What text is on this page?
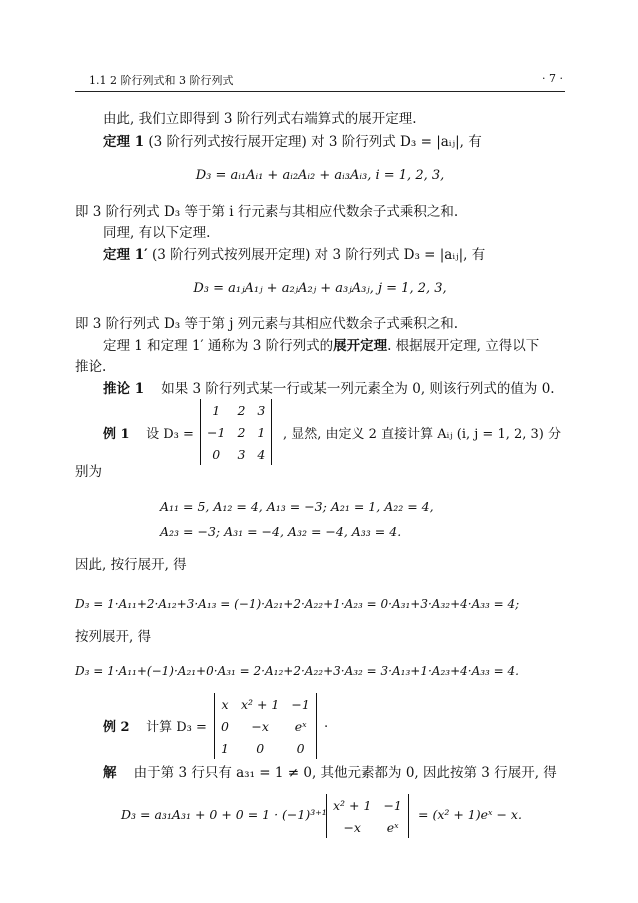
1.1 2 阶行列式和 3 阶行列式	· 7 ·
由此, 我们立即得到 3 阶行列式右端算式的展开定理.
定理 1 (3 阶行列式按行展开定理) 对 3 阶行列式 D₃ = |aᵢⱼ|, 有
D₃ = aᵢ₁Aᵢ₁ + aᵢ₂Aᵢ₂ + aᵢ₃Aᵢ₃, i = 1, 2, 3,
即 3 阶行列式 D₃ 等于第 i 行元素与其相应代数余子式乘积之和.
同理, 有以下定理.
定理 1′ (3 阶行列式按列展开定理) 对 3 阶行列式 D₃ = |aᵢⱼ|, 有
D₃ = a₁ⱼA₁ⱼ + a₂ⱼA₂ⱼ + a₃ⱼA₃ⱼ, j = 1, 2, 3,
即 3 阶行列式 D₃ 等于第 j 列元素与其相应代数余子式乘积之和.
定理 1 和定理 1′ 通称为 3 阶行列式的展开定理. 根据展开定理, 立得以下
推论.
推论 1 如果 3 阶行列式某一行或某一列元素全为 0, 则该行列式的值为 0.
例 1 设 D₃ =
1	2	3
−1	2	1
0	3	4
, 显然, 由定义 2 直接计算 Aᵢⱼ (i, j = 1, 2, 3) 分
别为
A₁₁ = 5, A₁₂ = 4, A₁₃ = −3; A₂₁ = 1, A₂₂ = 4,
A₂₃ = −3; A₃₁ = −4, A₃₂ = −4, A₃₃ = 4.
因此, 按行展开, 得
D₃ = 1·A₁₁+2·A₁₂+3·A₁₃ = (−1)·A₂₁+2·A₂₂+1·A₂₃ = 0·A₃₁+3·A₃₂+4·A₃₃ = 4;
按列展开, 得
D₃ = 1·A₁₁+(−1)·A₂₁+0·A₃₁ = 2·A₁₂+2·A₂₂+3·A₃₂ = 3·A₁₃+1·A₂₃+4·A₃₃ = 4.
例 2 计算 D₃ =
x	x² + 1	−1
0	−x	eˣ
1	0	0
.
解 由于第 3 行只有 a₃₁ = 1 ≠ 0, 其他元素都为 0, 因此按第 3 行展开, 得
D₃ = a₃₁A₃₁ + 0 + 0 = 1 · (−1)³⁺¹
x² + 1	−1
−x	eˣ
= (x² + 1)eˣ − x.
